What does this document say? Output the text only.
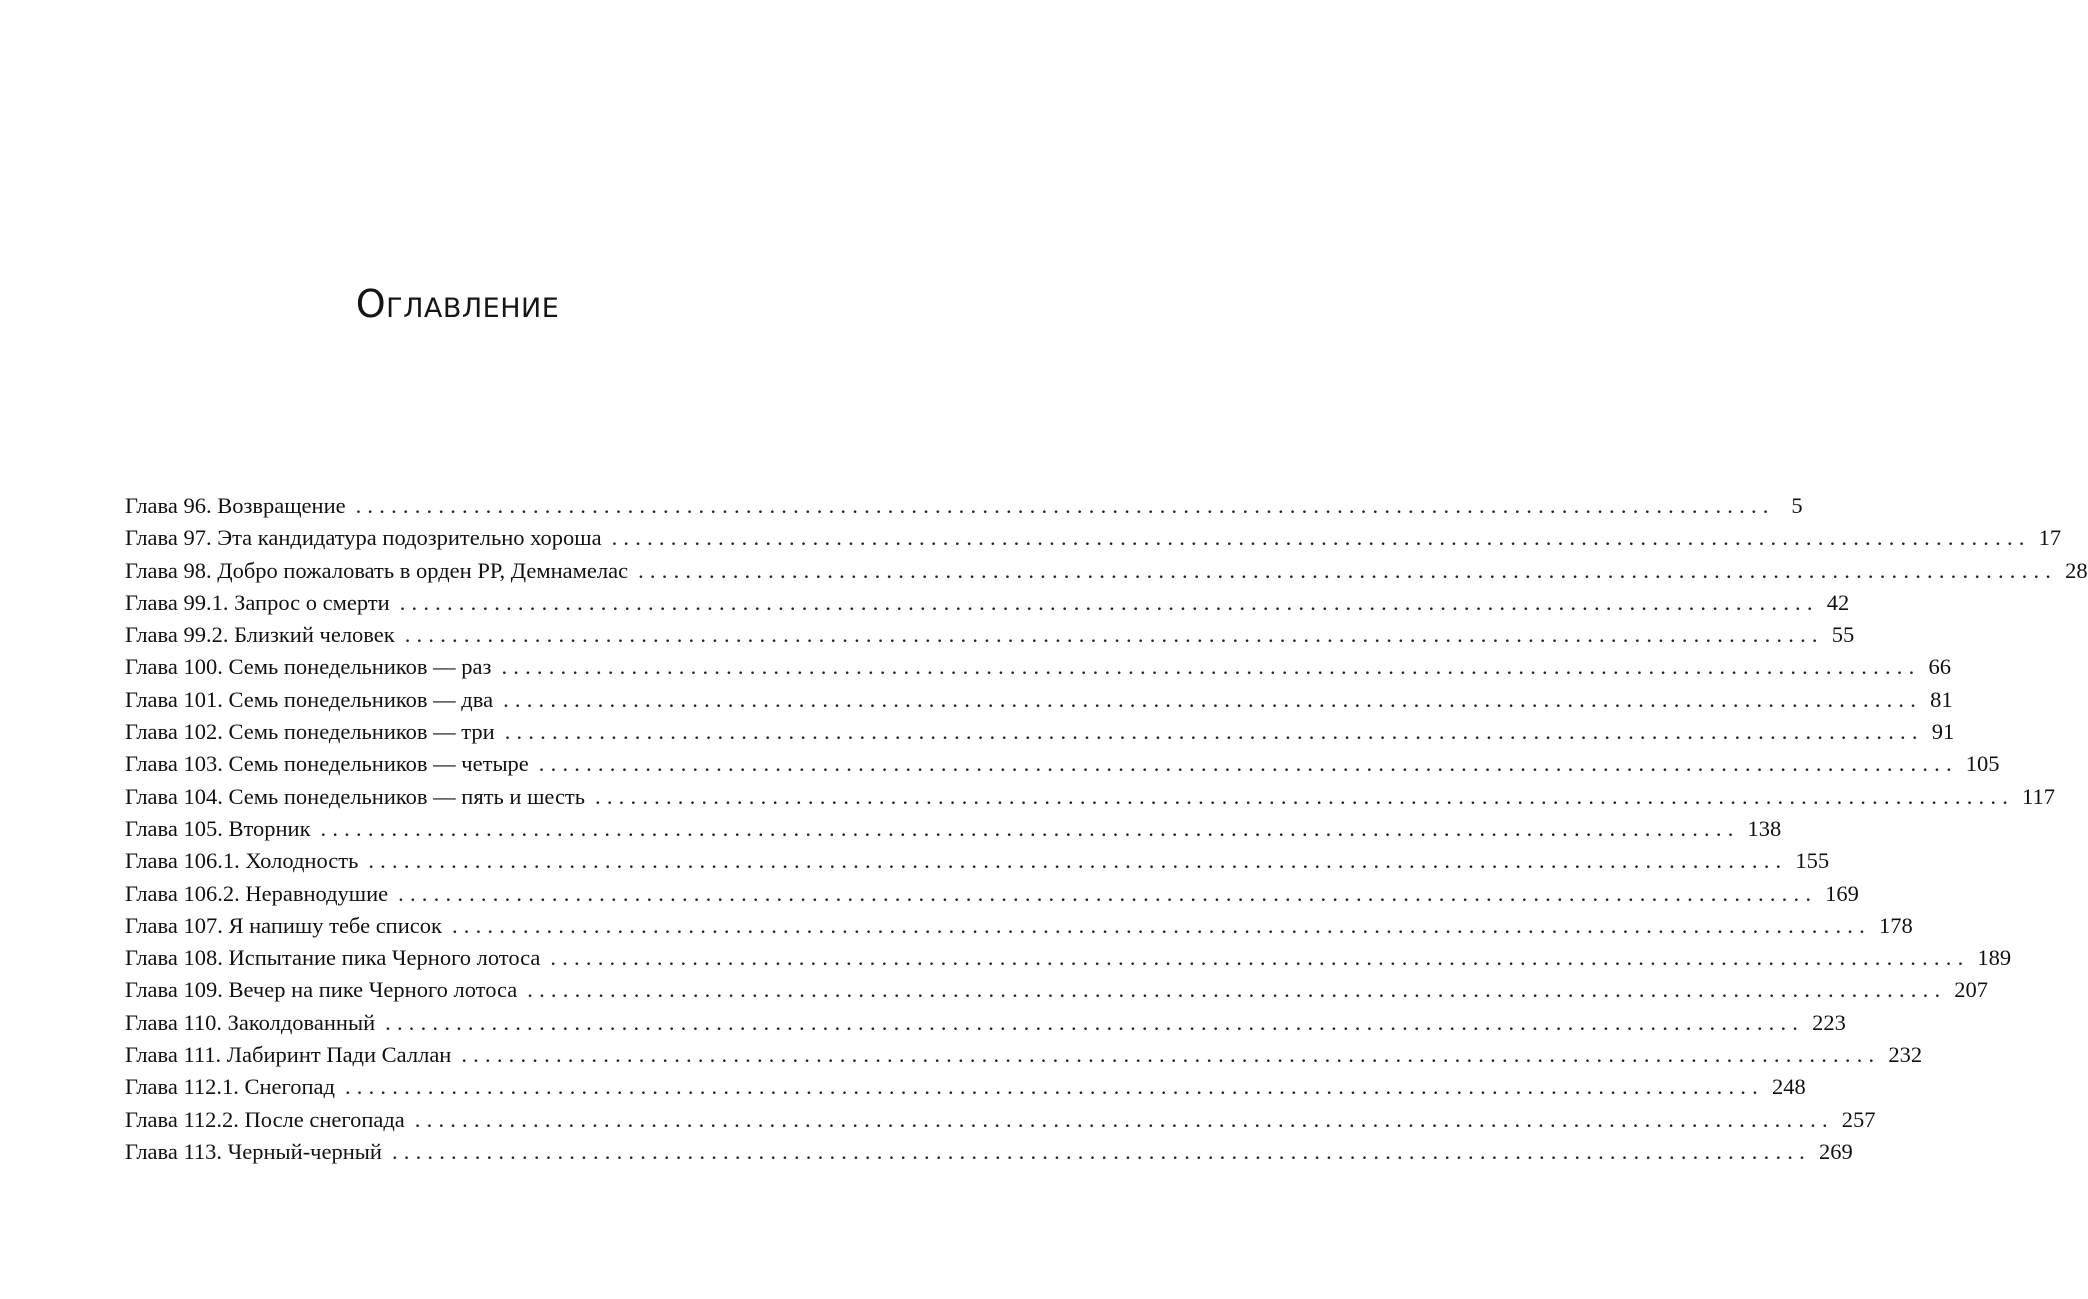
Оглавление
Глава 96. Возвращение ........................................................................................................................ 5
Глава 97. Эта кандидатура подозрительно хороша ........................................................................................................................ 17
Глава 98. Добро пожаловать в орден РР, Демнамелас ........................................................................................................................ 28
Глава 99.1. Запрос о смерти ........................................................................................................................ 42
Глава 99.2. Близкий человек ........................................................................................................................ 55
Глава 100. Семь понедельников — раз ........................................................................................................................ 66
Глава 101. Семь понедельников — два ........................................................................................................................ 81
Глава 102. Семь понедельников — три ........................................................................................................................ 91
Глава 103. Семь понедельников — четыре ........................................................................................................................ 105
Глава 104. Семь понедельников — пять и шесть ........................................................................................................................ 117
Глава 105. Вторник ........................................................................................................................ 138
Глава 106.1. Холодность ........................................................................................................................ 155
Глава 106.2. Неравнодушие ........................................................................................................................ 169
Глава 107. Я напишу тебе список ........................................................................................................................ 178
Глава 108. Испытание пика Черного лотоса ........................................................................................................................ 189
Глава 109. Вечер на пике Черного лотоса ........................................................................................................................ 207
Глава 110. Заколдованный ........................................................................................................................ 223
Глава 111. Лабиринт Пади Саллан ........................................................................................................................ 232
Глава 112.1. Снегопад ........................................................................................................................ 248
Глава 112.2. После снегопада ........................................................................................................................ 257
Глава 113. Черный-черный ........................................................................................................................ 269
